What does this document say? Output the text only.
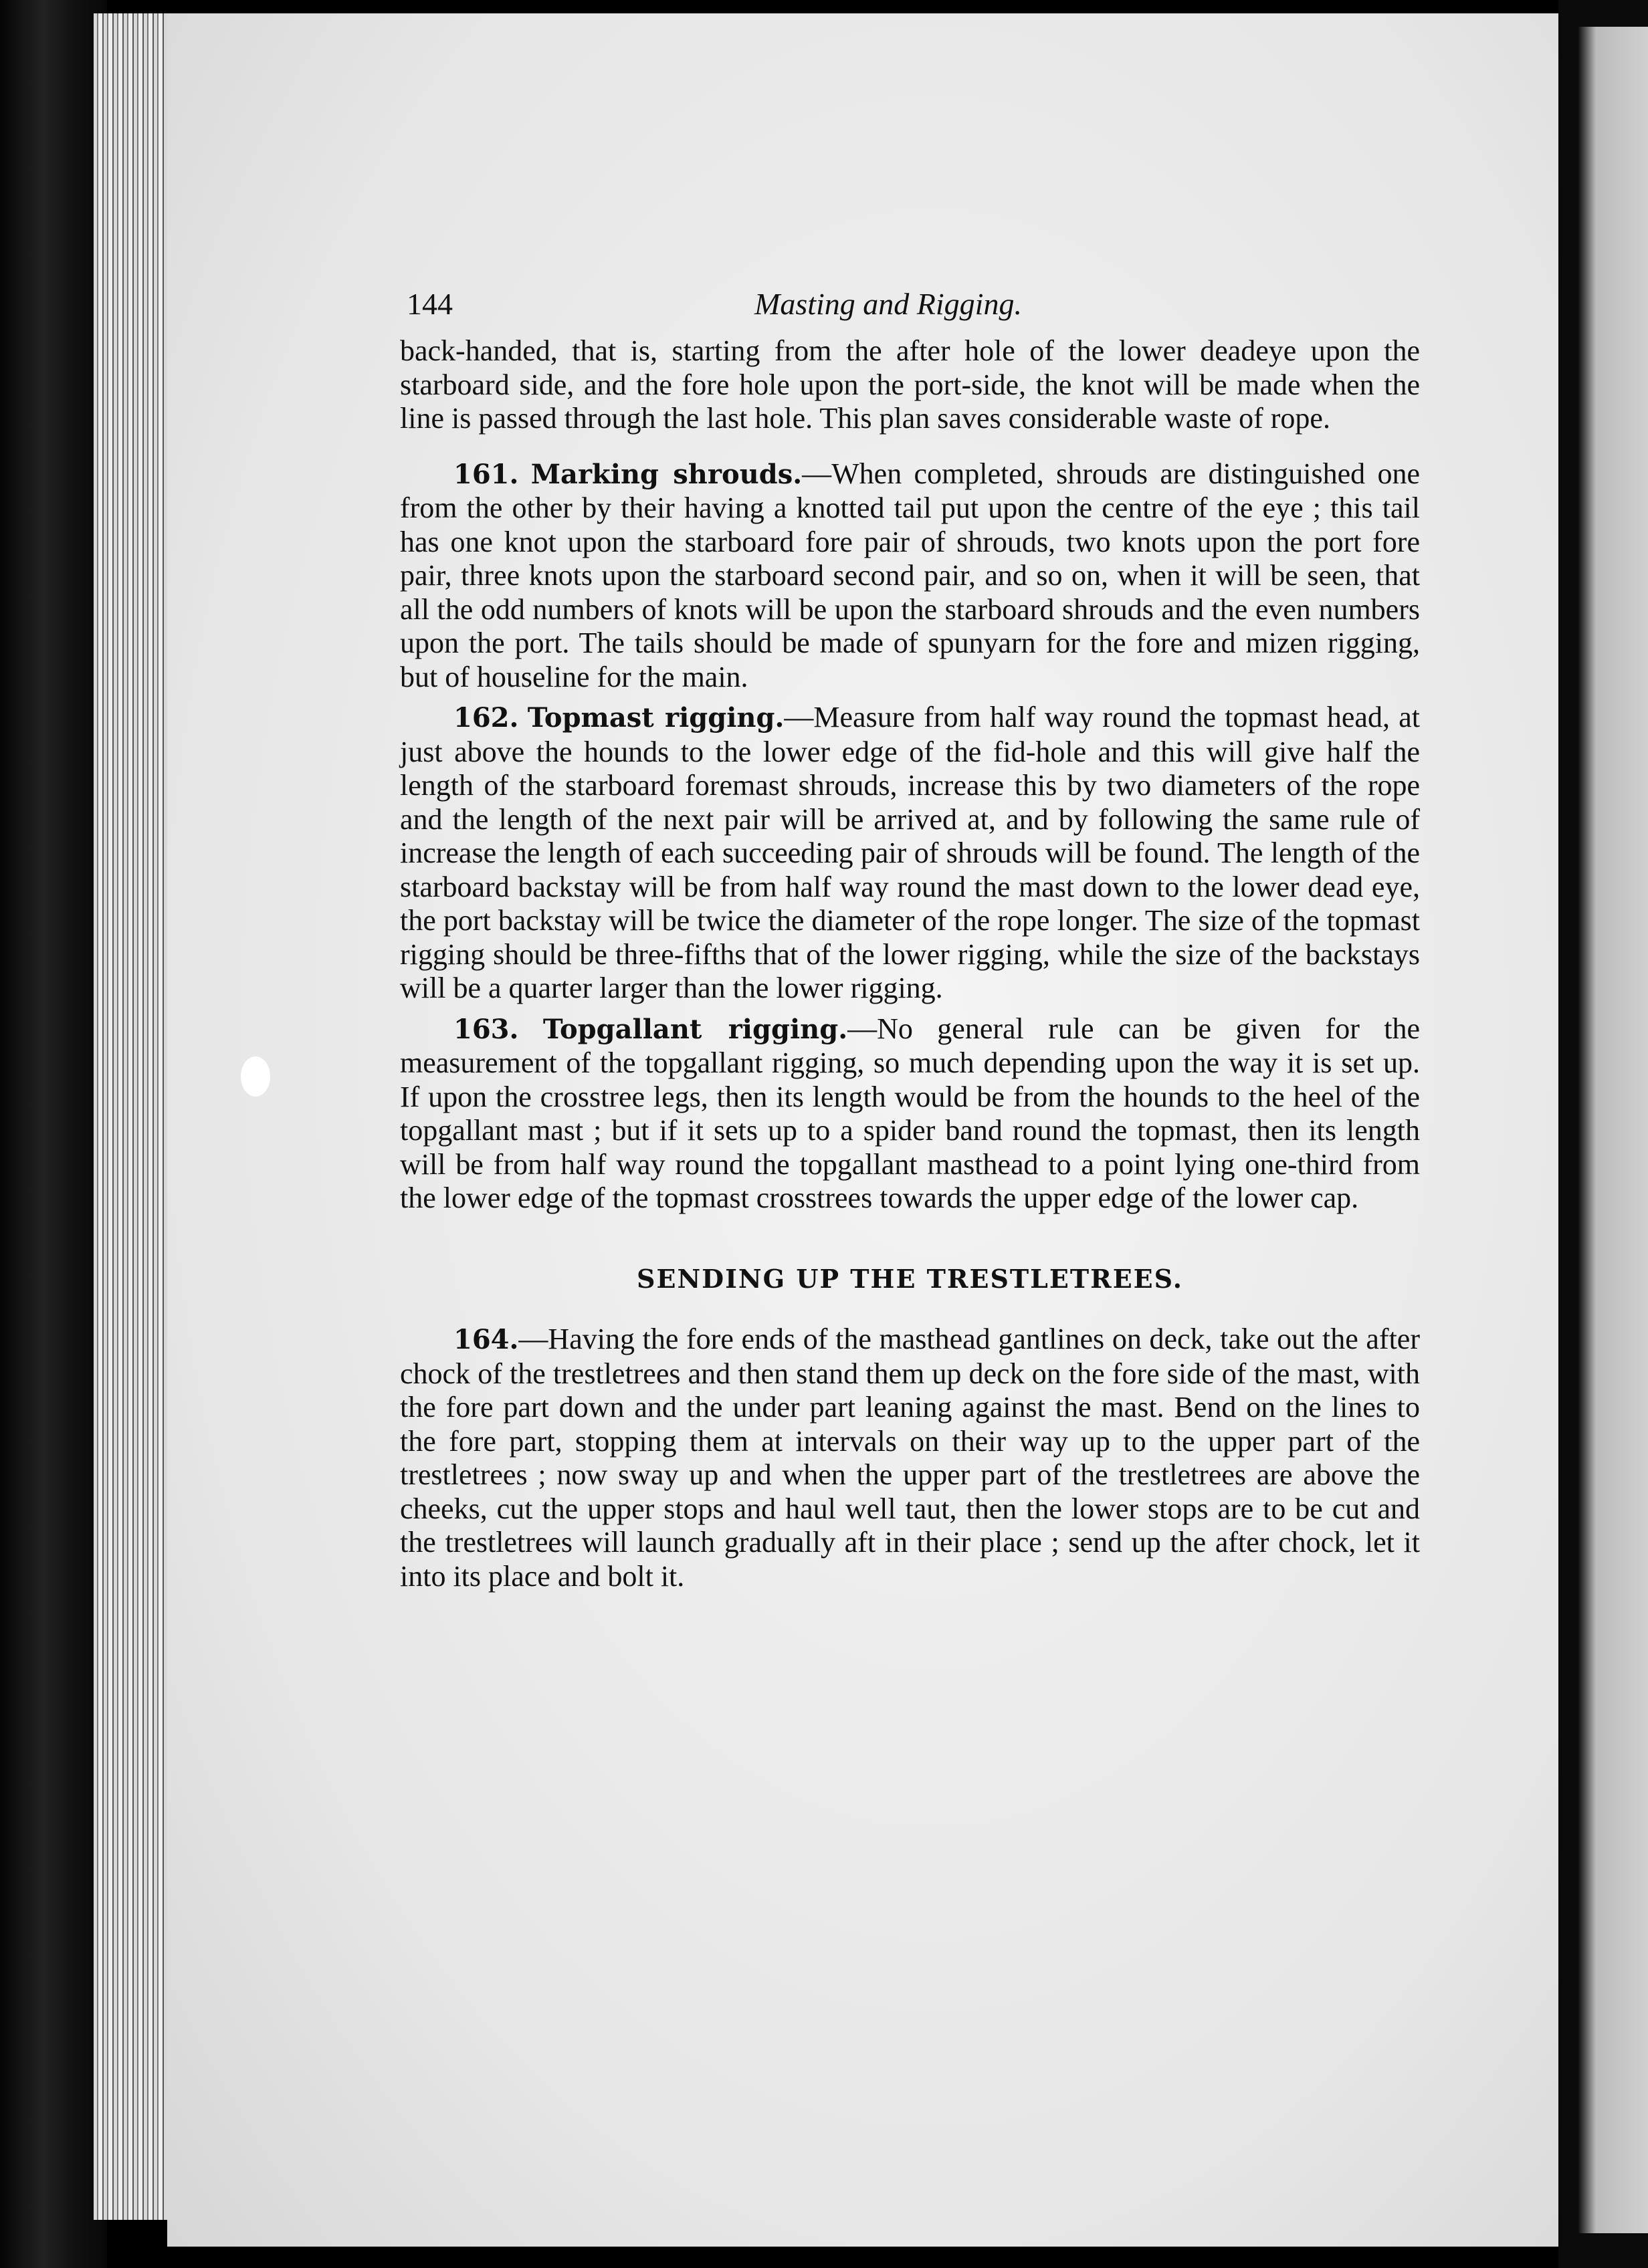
144	Masting and Rigging.

back-handed, that is, starting from the after hole of the lower deadeye upon the starboard side, and the fore hole upon the port-side, the knot will be made when the line is passed through the last hole. This plan saves considerable waste of rope.

161. Marking shrouds.—When completed, shrouds are distinguished one from the other by their having a knotted tail put upon the centre of the eye ; this tail has one knot upon the starboard fore pair of shrouds, two knots upon the port fore pair, three knots upon the starboard second pair, and so on, when it will be seen, that all the odd numbers of knots will be upon the starboard shrouds and the even numbers upon the port. The tails should be made of spunyarn for the fore and mizen rigging, but of houseline for the main.

162. Topmast rigging.—Measure from half way round the topmast head, at just above the hounds to the lower edge of the fid-hole and this will give half the length of the starboard foremast shrouds, increase this by two diameters of the rope and the length of the next pair will be arrived at, and by following the same rule of increase the length of each succeeding pair of shrouds will be found. The length of the starboard backstay will be from half way round the mast down to the lower dead eye, the port backstay will be twice the diameter of the rope longer. The size of the topmast rigging should be three-fifths that of the lower rigging, while the size of the backstays will be a quarter larger than the lower rigging.

163. Topgallant rigging.—No general rule can be given for the measurement of the topgallant rigging, so much depending upon the way it is set up. If upon the crosstree legs, then its length would be from the hounds to the heel of the topgallant mast ; but if it sets up to a spider band round the topmast, then its length will be from half way round the topgallant masthead to a point lying one-third from the lower edge of the topmast crosstrees towards the upper edge of the lower cap.

SENDING UP THE TRESTLETREES.

164.—Having the fore ends of the masthead gantlines on deck, take out the after chock of the trestletrees and then stand them up deck on the fore side of the mast, with the fore part down and the under part leaning against the mast. Bend on the lines to the fore part, stopping them at intervals on their way up to the upper part of the trestletrees ; now sway up and when the upper part of the trestletrees are above the cheeks, cut the upper stops and haul well taut, then the lower stops are to be cut and the trestletrees will launch gradually aft in their place ; send up the after chock, let it into its place and bolt it.
